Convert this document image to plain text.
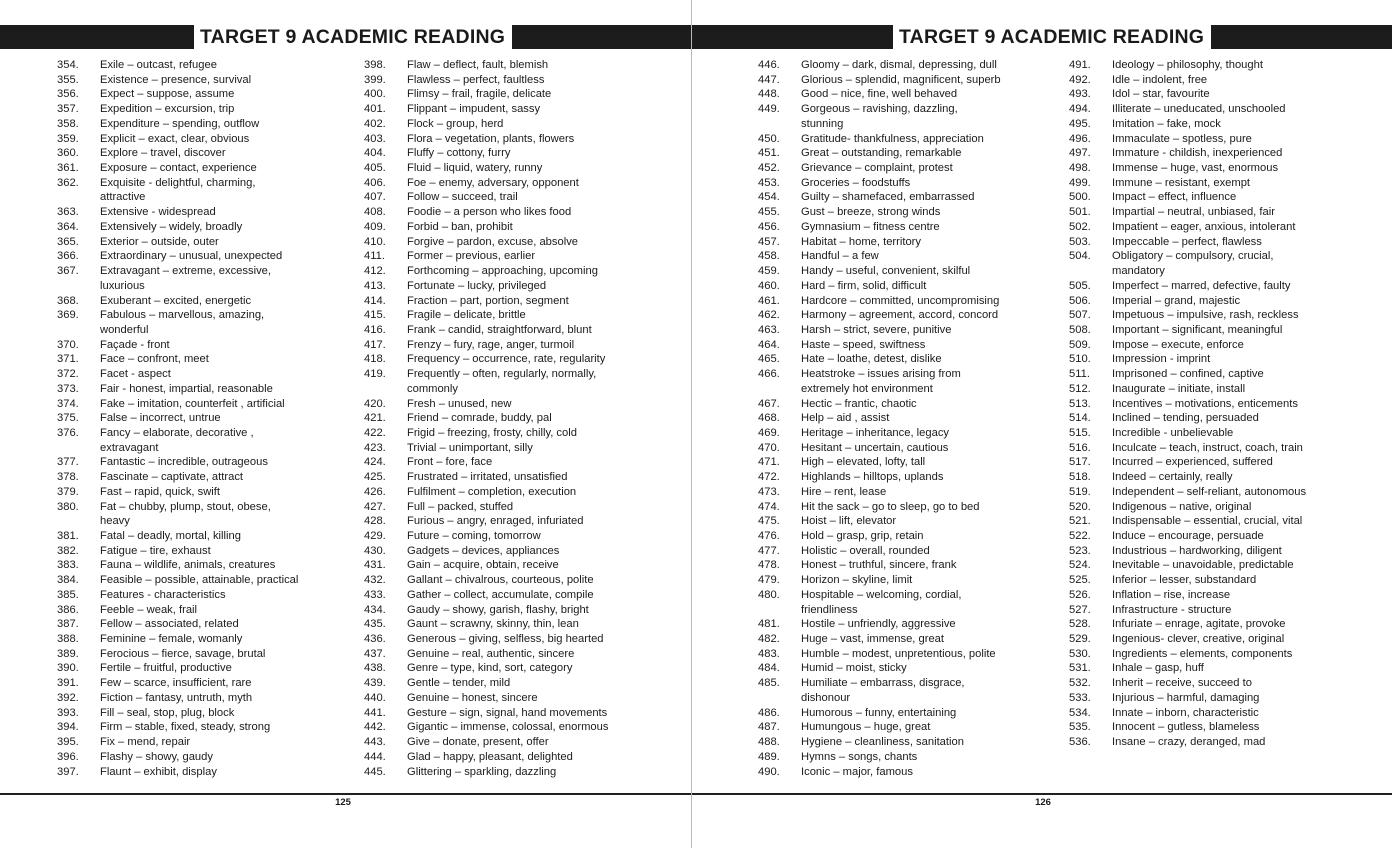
TARGET 9 ACADEMIC READING
354. Exile – outcast, refugee
355. Existence – presence, survival
356. Expect – suppose, assume
357. Expedition – excursion, trip
358. Expenditure – spending, outflow
359. Explicit – exact, clear, obvious
360. Explore – travel, discover
361. Exposure – contact, experience
362. Exquisite - delightful, charming,
attractive
363. Extensive - widespread
364. Extensively – widely, broadly
365. Exterior – outside, outer
366. Extraordinary – unusual, unexpected
367. Extravagant – extreme, excessive,
luxurious
368. Exuberant – excited, energetic
369. Fabulous – marvellous, amazing,
wonderful
370. Façade - front
371. Face – confront, meet
372. Facet - aspect
373. Fair - honest, impartial, reasonable
374. Fake – imitation, counterfeit , artificial
375. False – incorrect, untrue
376. Fancy – elaborate, decorative ,
extravagant
377. Fantastic – incredible, outrageous
378. Fascinate – captivate, attract
379. Fast – rapid, quick, swift
380. Fat – chubby, plump, stout, obese,
heavy
381. Fatal – deadly, mortal, killing
382. Fatigue – tire, exhaust
383. Fauna – wildlife, animals, creatures
384. Feasible – possible, attainable, practical
385. Features - characteristics
386. Feeble – weak, frail
387. Fellow – associated, related
388. Feminine – female, womanly
389. Ferocious – fierce, savage, brutal
390. Fertile – fruitful, productive
391. Few – scarce, insufficient, rare
392. Fiction – fantasy, untruth, myth
393. Fill – seal, stop, plug, block
394. Firm – stable, fixed, steady, strong
395. Fix – mend, repair
396. Flashy – showy, gaudy
397. Flaunt – exhibit, display
398. Flaw – deflect, fault, blemish
399. Flawless – perfect, faultless
400. Flimsy – frail, fragile, delicate
401. Flippant – impudent, sassy
402. Flock – group, herd
403. Flora – vegetation, plants, flowers
404. Fluffy – cottony, furry
405. Fluid – liquid, watery, runny
406. Foe – enemy, adversary, opponent
407. Follow – succeed, trail
408. Foodie – a person who likes food
409. Forbid – ban, prohibit
410. Forgive – pardon, excuse, absolve
411. Former – previous, earlier
412. Forthcoming – approaching, upcoming
413. Fortunate – lucky, privileged
414. Fraction – part, portion, segment
415. Fragile – delicate, brittle
416. Frank – candid, straightforward, blunt
417. Frenzy – fury, rage, anger, turmoil
418. Frequency – occurrence, rate, regularity
419. Frequently – often, regularly, normally,
commonly
420. Fresh – unused, new
421. Friend – comrade, buddy, pal
422. Frigid – freezing, frosty, chilly, cold
423. Trivial – unimportant, silly
424. Front – fore, face
425. Frustrated – irritated, unsatisfied
426. Fulfilment – completion, execution
427. Full – packed, stuffed
428. Furious – angry, enraged, infuriated
429. Future – coming, tomorrow
430. Gadgets – devices, appliances
431. Gain – acquire, obtain, receive
432. Gallant – chivalrous, courteous, polite
433. Gather – collect, accumulate, compile
434. Gaudy – showy, garish, flashy, bright
435. Gaunt – scrawny, skinny, thin, lean
436. Generous – giving, selfless, big hearted
437. Genuine – real, authentic, sincere
438. Genre – type, kind, sort, category
439. Gentle – tender, mild
440. Genuine – honest, sincere
441. Gesture – sign, signal, hand movements
442. Gigantic – immense, colossal, enormous
443. Give – donate, present, offer
444. Glad – happy, pleasant, delighted
445. Glittering – sparkling, dazzling
125
TARGET 9 ACADEMIC READING
446. Gloomy – dark, dismal, depressing, dull
447. Glorious – splendid, magnificent, superb
448. Good – nice, fine, well behaved
449. Gorgeous – ravishing, dazzling,
stunning
450. Gratitude- thankfulness, appreciation
451. Great – outstanding, remarkable
452. Grievance – complaint, protest
453. Groceries – foodstuffs
454. Guilty – shamefaced, embarrassed
455. Gust – breeze, strong winds
456. Gymnasium – fitness centre
457. Habitat – home, territory
458. Handful – a few
459. Handy – useful, convenient, skilful
460. Hard – firm, solid, difficult
461. Hardcore – committed, uncompromising
462. Harmony – agreement, accord, concord
463. Harsh – strict, severe, punitive
464. Haste – speed, swiftness
465. Hate – loathe, detest, dislike
466. Heatstroke – issues arising from
extremely hot environment
467. Hectic – frantic, chaotic
468. Help – aid , assist
469. Heritage – inheritance, legacy
470. Hesitant – uncertain, cautious
471. High – elevated, lofty, tall
472. Highlands – hilltops, uplands
473. Hire – rent, lease
474. Hit the sack – go to sleep, go to bed
475. Hoist – lift, elevator
476. Hold – grasp, grip, retain
477. Holistic – overall, rounded
478. Honest – truthful, sincere, frank
479. Horizon – skyline, limit
480. Hospitable – welcoming, cordial,
friendliness
481. Hostile – unfriendly, aggressive
482. Huge – vast, immense, great
483. Humble – modest, unpretentious, polite
484. Humid – moist, sticky
485. Humiliate – embarrass, disgrace,
dishonour
486. Humorous – funny, entertaining
487. Humungous – huge, great
488. Hygiene – cleanliness, sanitation
489. Hymns – songs, chants
490. Iconic – major, famous
491. Ideology – philosophy, thought
492. Idle – indolent, free
493. Idol – star, favourite
494. Illiterate – uneducated, unschooled
495. Imitation – fake, mock
496. Immaculate – spotless, pure
497. Immature - childish, inexperienced
498. Immense – huge, vast, enormous
499. Immune – resistant, exempt
500. Impact – effect, influence
501. Impartial – neutral, unbiased, fair
502. Impatient – eager, anxious, intolerant
503. Impeccable – perfect, flawless
504. Obligatory – compulsory, crucial,
mandatory
505. Imperfect – marred, defective, faulty
506. Imperial – grand, majestic
507. Impetuous – impulsive, rash, reckless
508. Important – significant, meaningful
509. Impose – execute, enforce
510. Impression - imprint
511. Imprisoned – confined, captive
512. Inaugurate – initiate, install
513. Incentives – motivations, enticements
514. Inclined – tending, persuaded
515. Incredible - unbelievable
516. Inculcate – teach, instruct, coach, train
517. Incurred – experienced, suffered
518. Indeed – certainly, really
519. Independent – self-reliant, autonomous
520. Indigenous – native, original
521. Indispensable – essential, crucial, vital
522. Induce – encourage, persuade
523. Industrious – hardworking, diligent
524. Inevitable – unavoidable, predictable
525. Inferior – lesser, substandard
526. Inflation – rise, increase
527. Infrastructure - structure
528. Infuriate – enrage, agitate, provoke
529. Ingenious- clever, creative, original
530. Ingredients – elements, components
531. Inhale – gasp, huff
532. Inherit – receive, succeed to
533. Injurious – harmful, damaging
534. Innate – inborn, characteristic
535. Innocent – gutless, blameless
536. Insane – crazy, deranged, mad
126
